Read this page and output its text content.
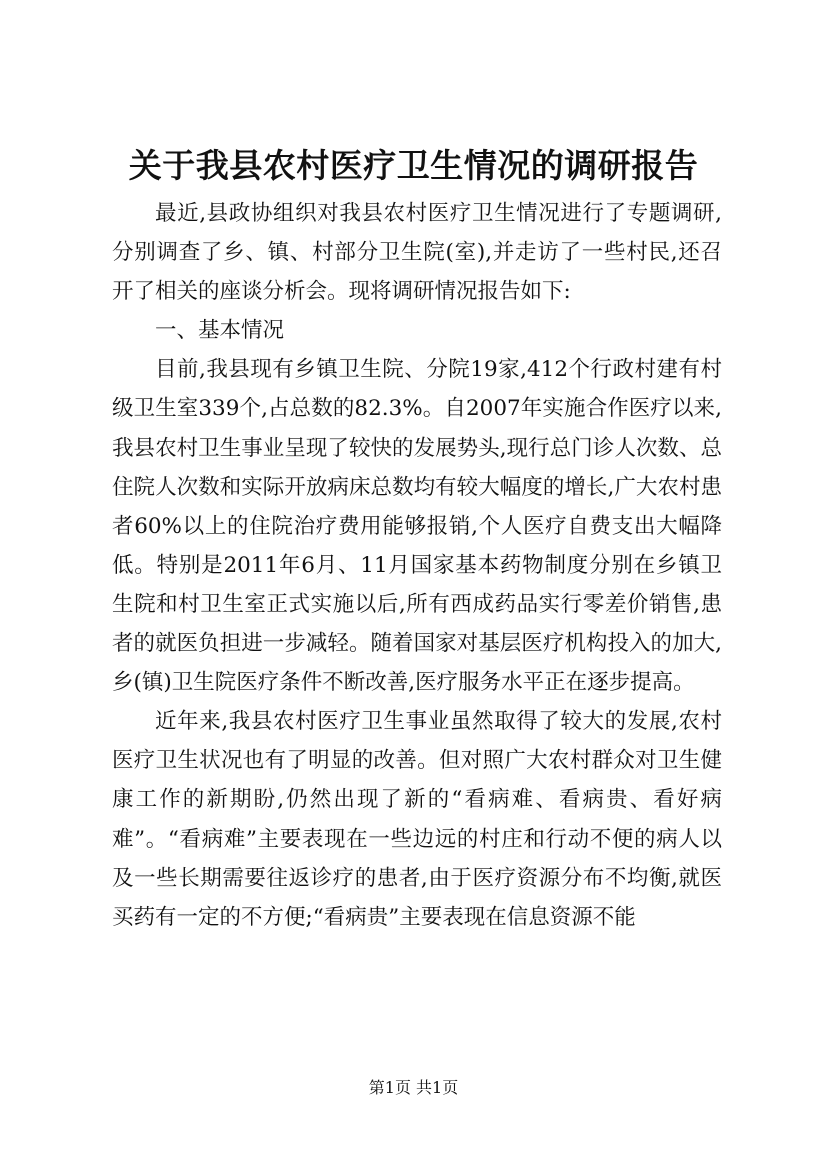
关于我县农村医疗卫生情况的调研报告

最近,县政协组织对我县农村医疗卫生情况进行了专题调研,分别调查了乡、镇、村部分卫生院(室),并走访了一些村民,还召开了相关的座谈分析会。现将调研情况报告如下:

一、基本情况

目前,我县现有乡镇卫生院、分院19家,412个行政村建有村级卫生室339个,占总数的82.3%。自2007年实施合作医疗以来,我县农村卫生事业呈现了较快的发展势头,现行总门诊人次数、总住院人次数和实际开放病床总数均有较大幅度的增长,广大农村患者60%以上的住院治疗费用能够报销,个人医疗自费支出大幅降低。特别是2011年6月、11月国家基本药物制度分别在乡镇卫生院和村卫生室正式实施以后,所有西成药品实行零差价销售,患者的就医负担进一步减轻。随着国家对基层医疗机构投入的加大,乡(镇)卫生院医疗条件不断改善,医疗服务水平正在逐步提高。

近年来,我县农村医疗卫生事业虽然取得了较大的发展,农村医疗卫生状况也有了明显的改善。但对照广大农村群众对卫生健康工作的新期盼,仍然出现了新的“看病难、看病贵、看好病难”。“看病难”主要表现在一些边远的村庄和行动不便的病人以及一些长期需要往返诊疗的患者,由于医疗资源分布不均衡,就医买药有一定的不方便;“看病贵”主要表现在信息资源不能

第1页 共1页
